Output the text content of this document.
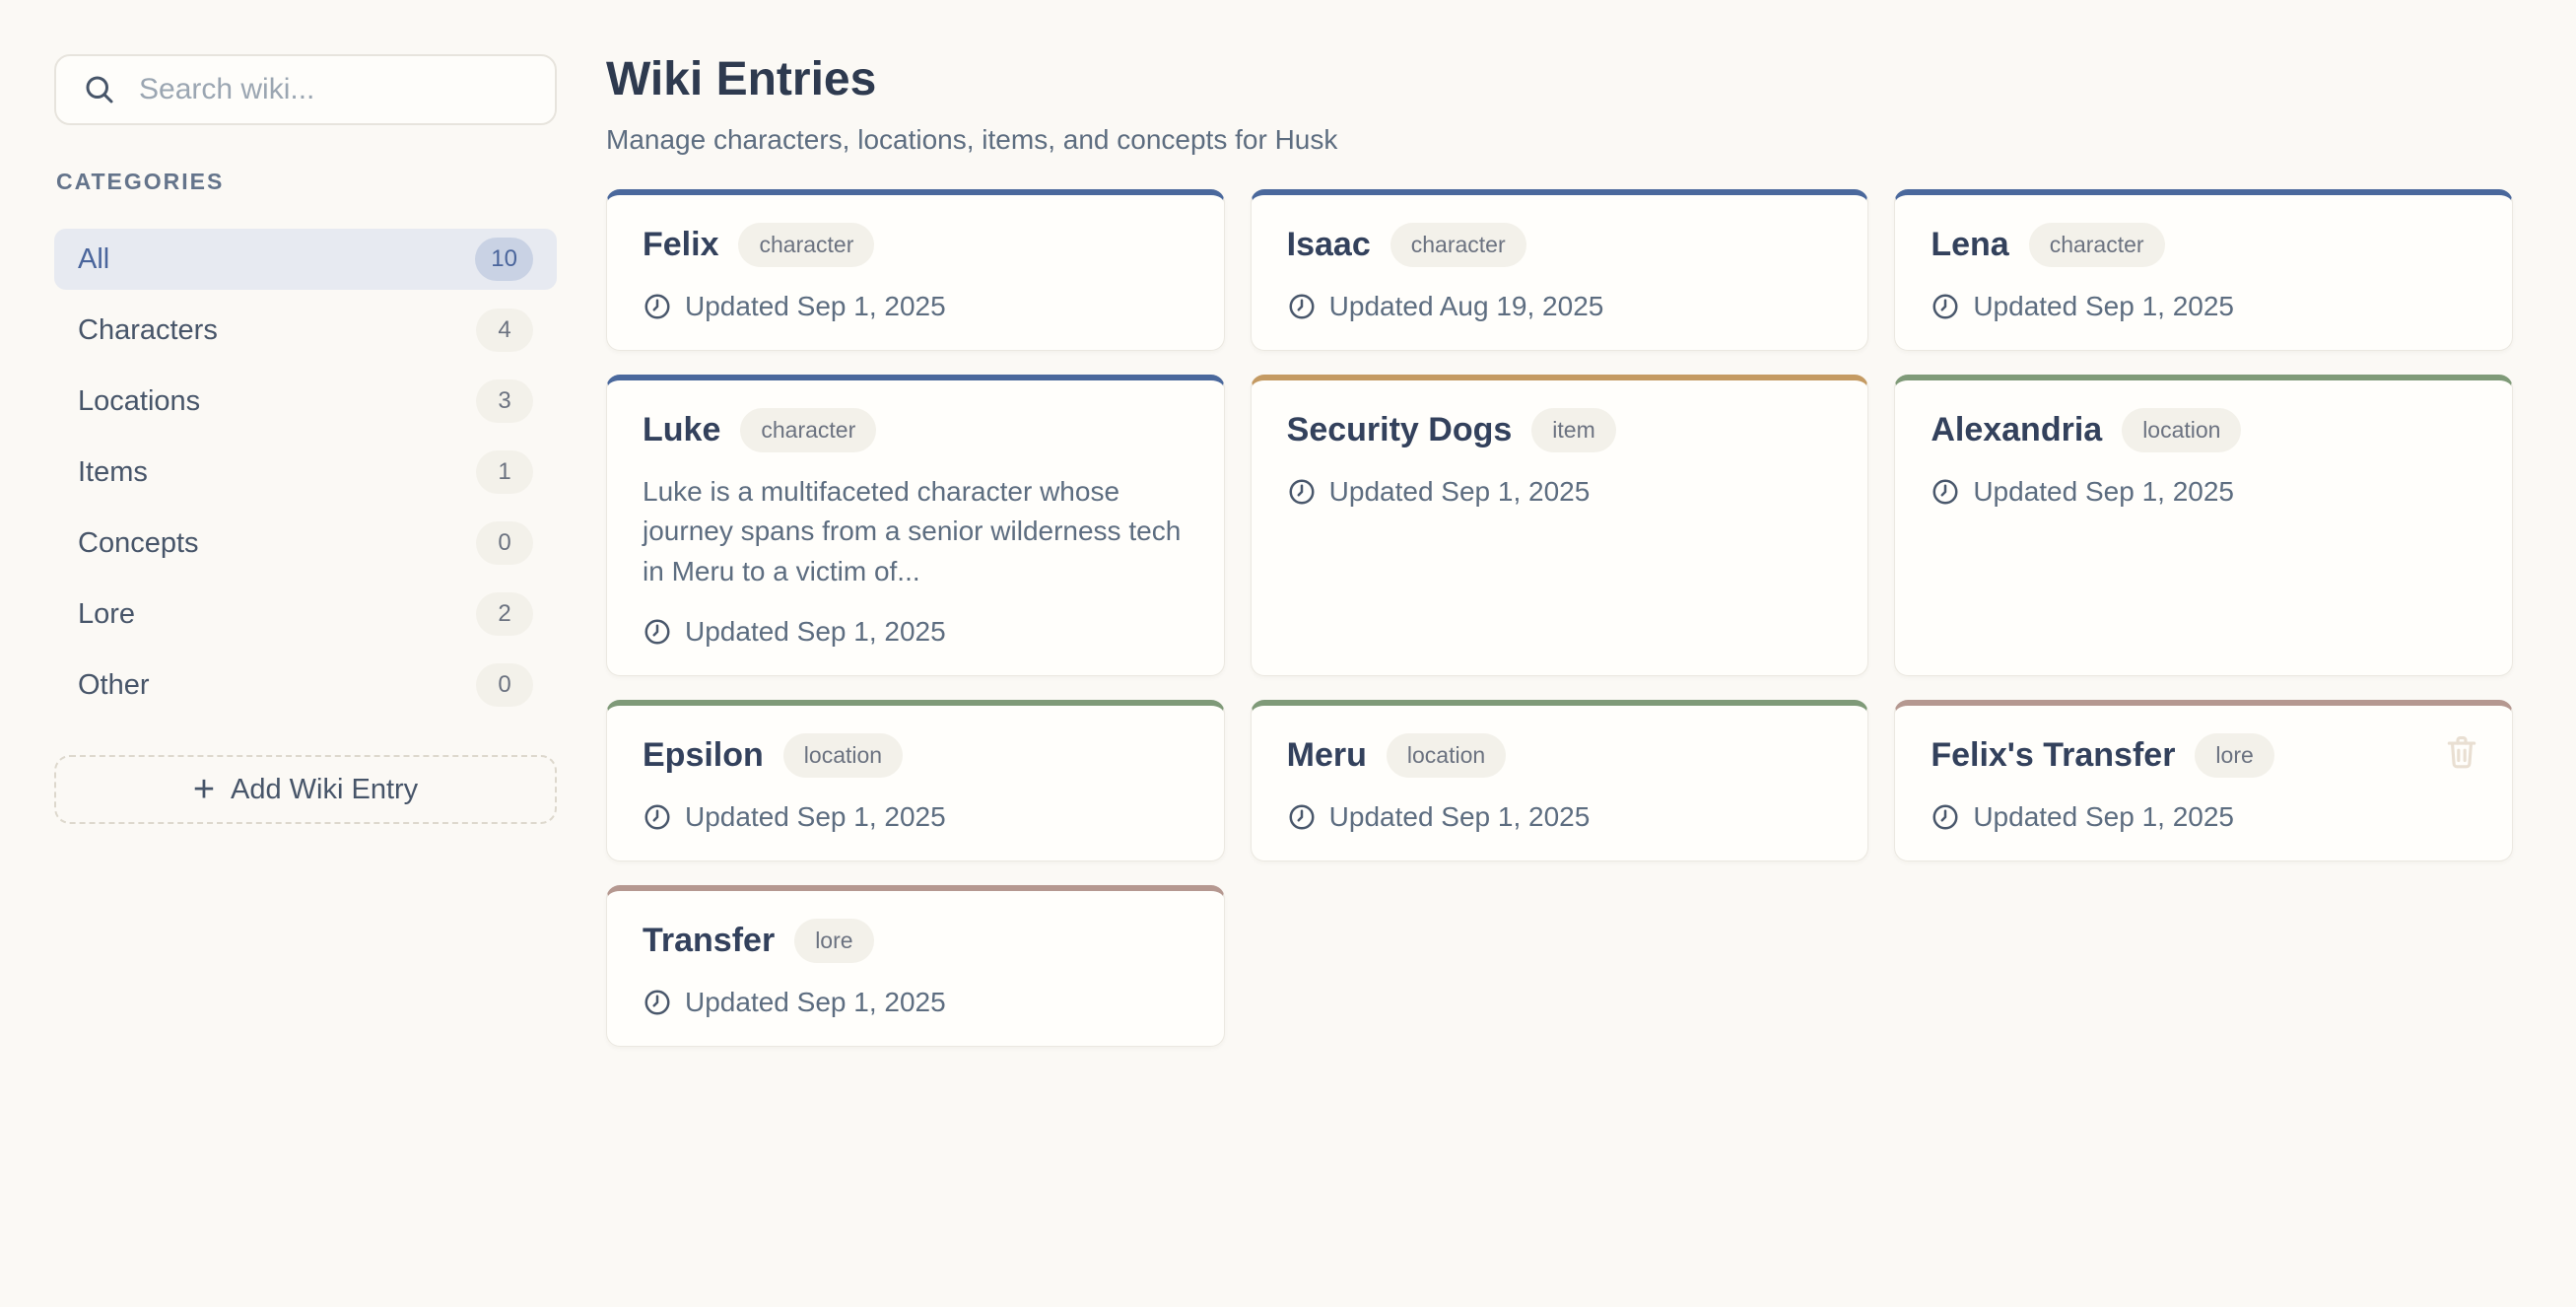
Search wiki...
CATEGORIES
All	10
Characters	4
Locations	3
Items	1
Concepts	0
Lore	2
Other	0
+ Add Wiki Entry
Wiki Entries

Manage characters, locations, items, and concepts for Husk

Felix	character
Updated Sep 1, 2025
Isaac	character
Updated Aug 19, 2025
Lena	character
Updated Sep 1, 2025
Luke	character

Luke is a multifaceted character whose journey spans from a senior wilderness tech in Meru to a victim of...

Updated Sep 1, 2025
Security Dogs	item
Updated Sep 1, 2025
Alexandria	location
Updated Sep 1, 2025
Epsilon	location
Updated Sep 1, 2025
Meru	location
Updated Sep 1, 2025
Felix's Transfer	lore
Updated Sep 1, 2025
Transfer	lore
Updated Sep 1, 2025
